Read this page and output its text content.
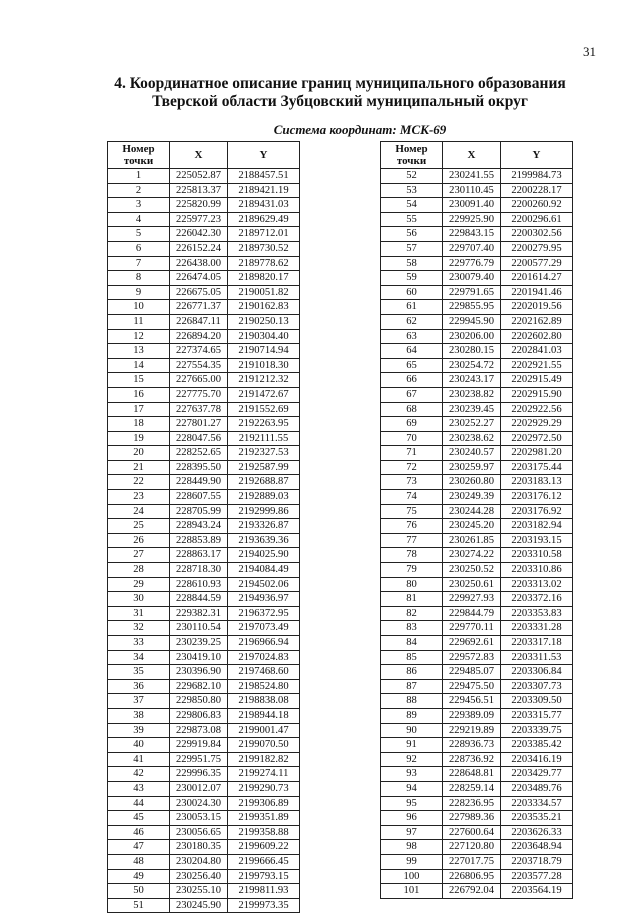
31
4. Координатное описание границ муниципального образования
Тверской области Зубцовский муниципальный округ
Система координат: МСК-69
Номер
точки	X	Y
1	225052.87	2188457.51
2	225813.37	2189421.19
3	225820.99	2189431.03
4	225977.23	2189629.49
5	226042.30	2189712.01
6	226152.24	2189730.52
7	226438.00	2189778.62
8	226474.05	2189820.17
9	226675.05	2190051.82
10	226771.37	2190162.83
11	226847.11	2190250.13
12	226894.20	2190304.40
13	227374.65	2190714.94
14	227554.35	2191018.30
15	227665.00	2191212.32
16	227775.70	2191472.67
17	227637.78	2191552.69
18	227801.27	2192263.95
19	228047.56	2192111.55
20	228252.65	2192327.53
21	228395.50	2192587.99
22	228449.90	2192688.87
23	228607.55	2192889.03
24	228705.99	2192999.86
25	228943.24	2193326.87
26	228853.89	2193639.36
27	228863.17	2194025.90
28	228718.30	2194084.49
29	228610.93	2194502.06
30	228844.59	2194936.97
31	229382.31	2196372.95
32	230110.54	2197073.49
33	230239.25	2196966.94
34	230419.10	2197024.83
35	230396.90	2197468.60
36	229682.10	2198524.80
37	229850.80	2198838.08
38	229806.83	2198944.18
39	229873.08	2199001.47
40	229919.84	2199070.50
41	229951.75	2199182.82
42	229996.35	2199274.11
43	230012.07	2199290.73
44	230024.30	2199306.89
45	230053.15	2199351.89
46	230056.65	2199358.88
47	230180.35	2199609.22
48	230204.80	2199666.45
49	230256.40	2199793.15
50	230255.10	2199811.93
51	230245.90	2199973.35
Номер
точки	X	Y
52	230241.55	2199984.73
53	230110.45	2200228.17
54	230091.40	2200260.92
55	229925.90	2200296.61
56	229843.15	2200302.56
57	229707.40	2200279.95
58	229776.79	2200577.29
59	230079.40	2201614.27
60	229791.65	2201941.46
61	229855.95	2202019.56
62	229945.90	2202162.89
63	230206.00	2202602.80
64	230280.15	2202841.03
65	230254.72	2202921.55
66	230243.17	2202915.49
67	230238.82	2202915.90
68	230239.45	2202922.56
69	230252.27	2202929.29
70	230238.62	2202972.50
71	230240.57	2202981.20
72	230259.97	2203175.44
73	230260.80	2203183.13
74	230249.39	2203176.12
75	230244.28	2203176.92
76	230245.20	2203182.94
77	230261.85	2203193.15
78	230274.22	2203310.58
79	230250.52	2203310.86
80	230250.61	2203313.02
81	229927.93	2203372.16
82	229844.79	2203353.83
83	229770.11	2203331.28
84	229692.61	2203317.18
85	229572.83	2203311.53
86	229485.07	2203306.84
87	229475.50	2203307.73
88	229456.51	2203309.50
89	229389.09	2203315.77
90	229219.89	2203339.75
91	228936.73	2203385.42
92	228736.92	2203416.19
93	228648.81	2203429.77
94	228259.14	2203489.76
95	228236.95	2203334.57
96	227989.36	2203535.21
97	227600.64	2203626.33
98	227120.80	2203648.94
99	227017.75	2203718.79
100	226806.95	2203577.28
101	226792.04	2203564.19
